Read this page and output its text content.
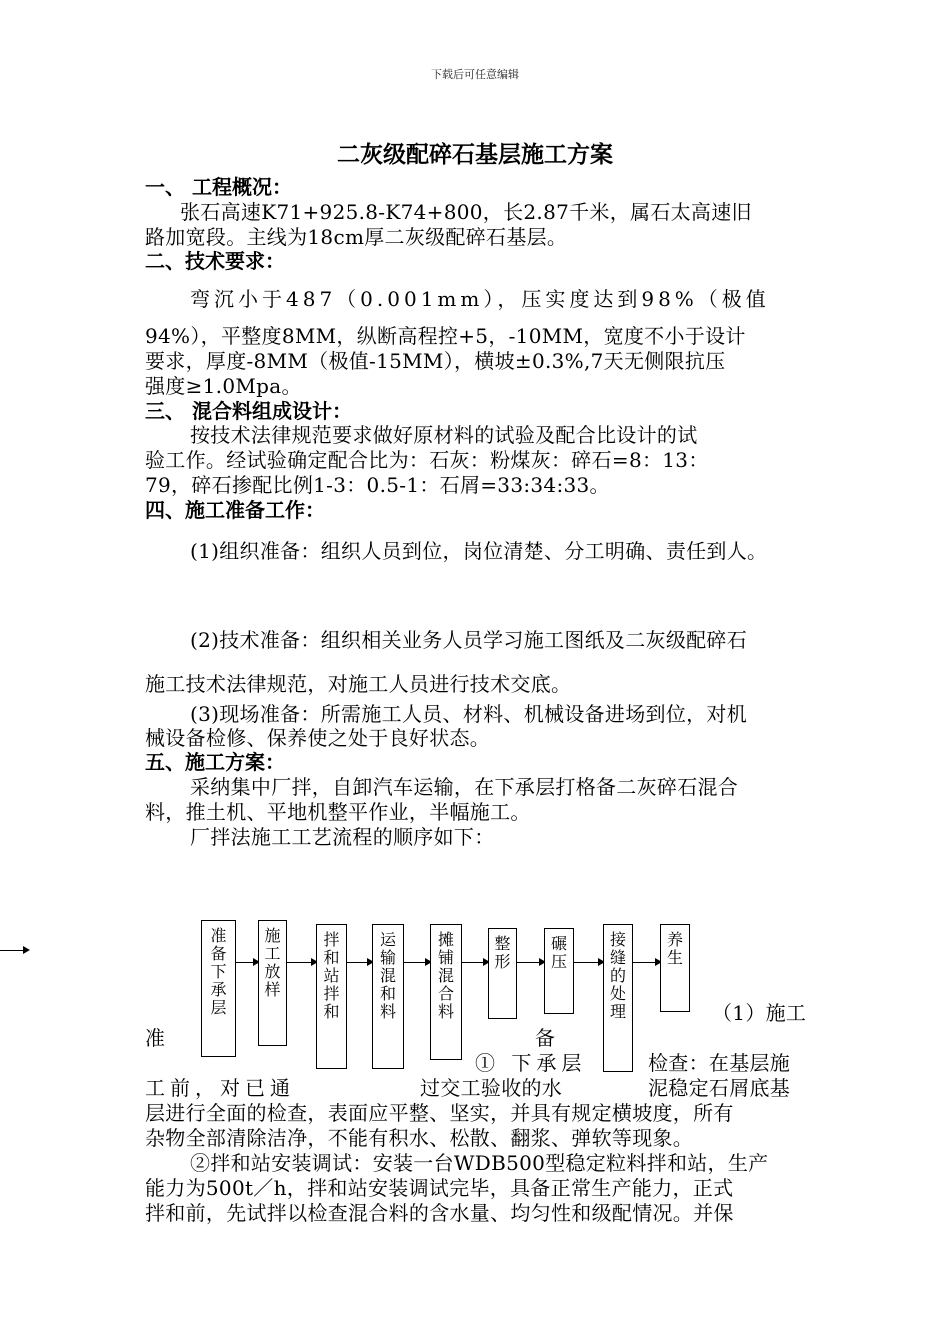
下载后可任意编辑
二灰级配碎石基层施工方案
一、 工程概况：
张石高速K71+925.8-K74+800，长2.87千米，属石太高速旧
路加宽段。主线为18cm厚二灰级配碎石基层。
二、技术要求：
弯沉小于487（0.001mm），压实度达到98%（极值
94%），平整度8MM，纵断高程控+5，-10MM，宽度不小于设计
要求，厚度-8MM（极值-15MM），横坡±0.3%,7天无侧限抗压
强度≥1.0Mpa。
三、 混合料组成设计：
按技术法律规范要求做好原材料的试验及配合比设计的试
验工作。经试验确定配合比为：石灰：粉煤灰：碎石=8：13：
79，碎石掺配比例1-3：0.5-1：石屑=33:34:33。
四、施工准备工作：
(1)组织准备：组织人员到位，岗位清楚、分工明确、责任到人。
(2)技术准备：组织相关业务人员学习施工图纸及二灰级配碎石
施工技术法律规范，对施工人员进行技术交底。
(3)现场准备：所需施工人员、材料、机械设备进场到位，对机
械设备检修、保养使之处于良好状态。
五、施工方案：
采纳集中厂拌，自卸汽车运输，在下承层打格备二灰碎石混合
料，推土机、平地机整平作业，半幅施工。
厂拌法施工工艺流程的顺序如下：
准备下承层
施工放样
拌和站拌和
运输混和料
摊铺混合料
整形
碾压
接缝的处理
养生
（1）施工
准	备
① 下承层	检查：在基层施
工前，对已通	过交工验收的水	泥稳定石屑底基
层进行全面的检查，表面应平整、坚实，并具有规定横坡度，所有
杂物全部清除洁净，不能有积水、松散、翻浆、弹软等现象。
②拌和站安装调试：安装一台WDB500型稳定粒料拌和站，生产
能力为500t／h，拌和站安装调试完毕，具备正常生产能力，正式
拌和前，先试拌以检查混合料的含水量、均匀性和级配情况。并保
